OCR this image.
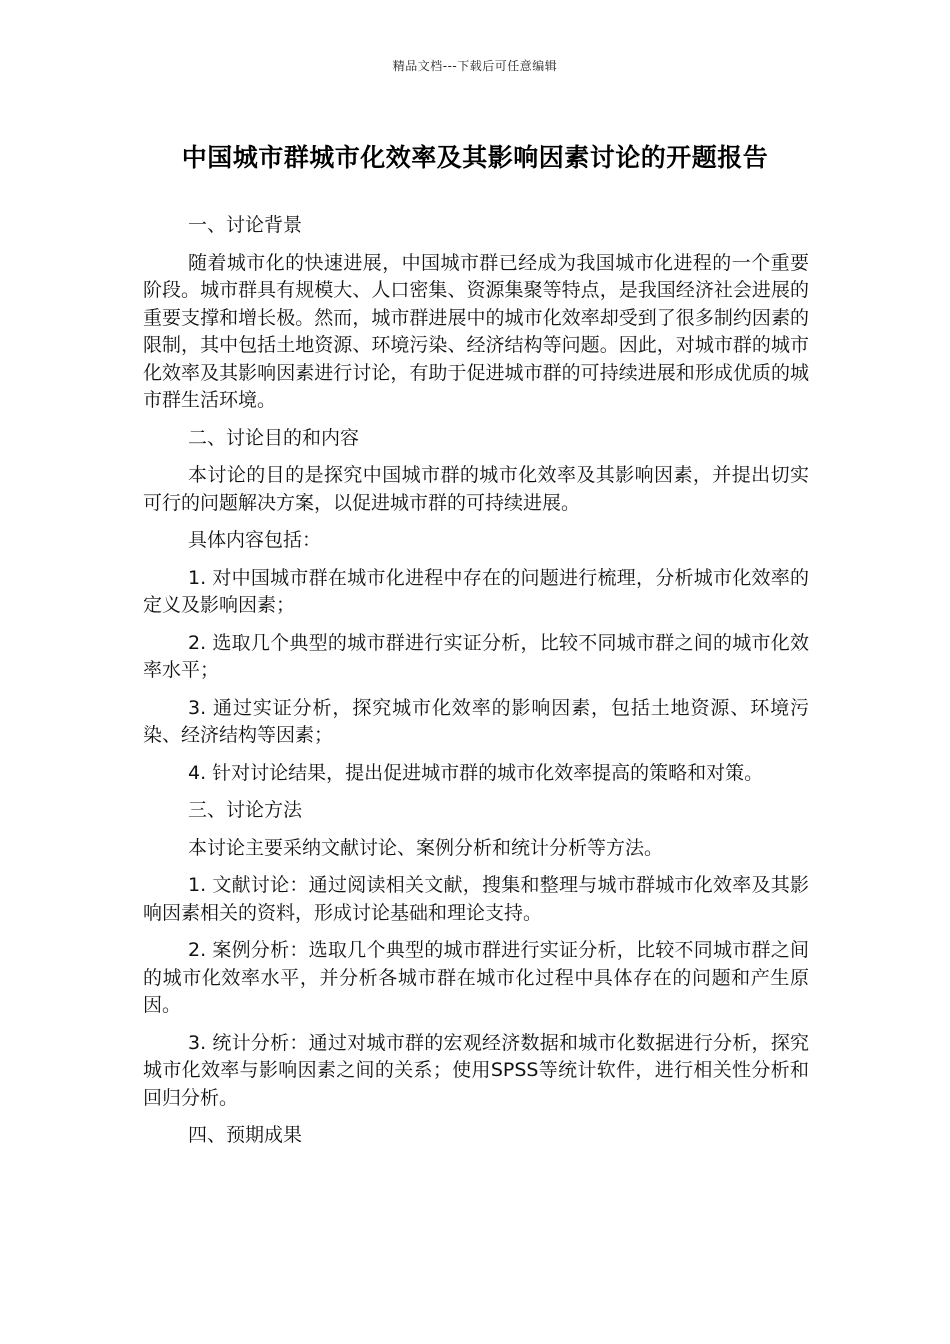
精品文档---下载后可任意编辑
中国城市群城市化效率及其影响因素讨论的开题报告
一、讨论背景
随着城市化的快速进展，中国城市群已经成为我国城市化进程的一个重要阶段。城市群具有规模大、人口密集、资源集聚等特点，是我国经济社会进展的重要支撑和增长极。然而，城市群进展中的城市化效率却受到了很多制约因素的限制，其中包括土地资源、环境污染、经济结构等问题。因此，对城市群的城市化效率及其影响因素进行讨论，有助于促进城市群的可持续进展和形成优质的城市群生活环境。
二、讨论目的和内容
本讨论的目的是探究中国城市群的城市化效率及其影响因素，并提出切实可行的问题解决方案，以促进城市群的可持续进展。
具体内容包括：
1. 对中国城市群在城市化进程中存在的问题进行梳理，分析城市化效率的定义及影响因素；
2. 选取几个典型的城市群进行实证分析，比较不同城市群之间的城市化效率水平；
3. 通过实证分析，探究城市化效率的影响因素，包括土地资源、环境污染、经济结构等因素；
4. 针对讨论结果，提出促进城市群的城市化效率提高的策略和对策。
三、讨论方法
本讨论主要采纳文献讨论、案例分析和统计分析等方法。
1. 文献讨论：通过阅读相关文献，搜集和整理与城市群城市化效率及其影响因素相关的资料，形成讨论基础和理论支持。
2. 案例分析：选取几个典型的城市群进行实证分析，比较不同城市群之间的城市化效率水平，并分析各城市群在城市化过程中具体存在的问题和产生原因。
3. 统计分析：通过对城市群的宏观经济数据和城市化数据进行分析，探究城市化效率与影响因素之间的关系；使用SPSS等统计软件，进行相关性分析和回归分析。
四、预期成果
